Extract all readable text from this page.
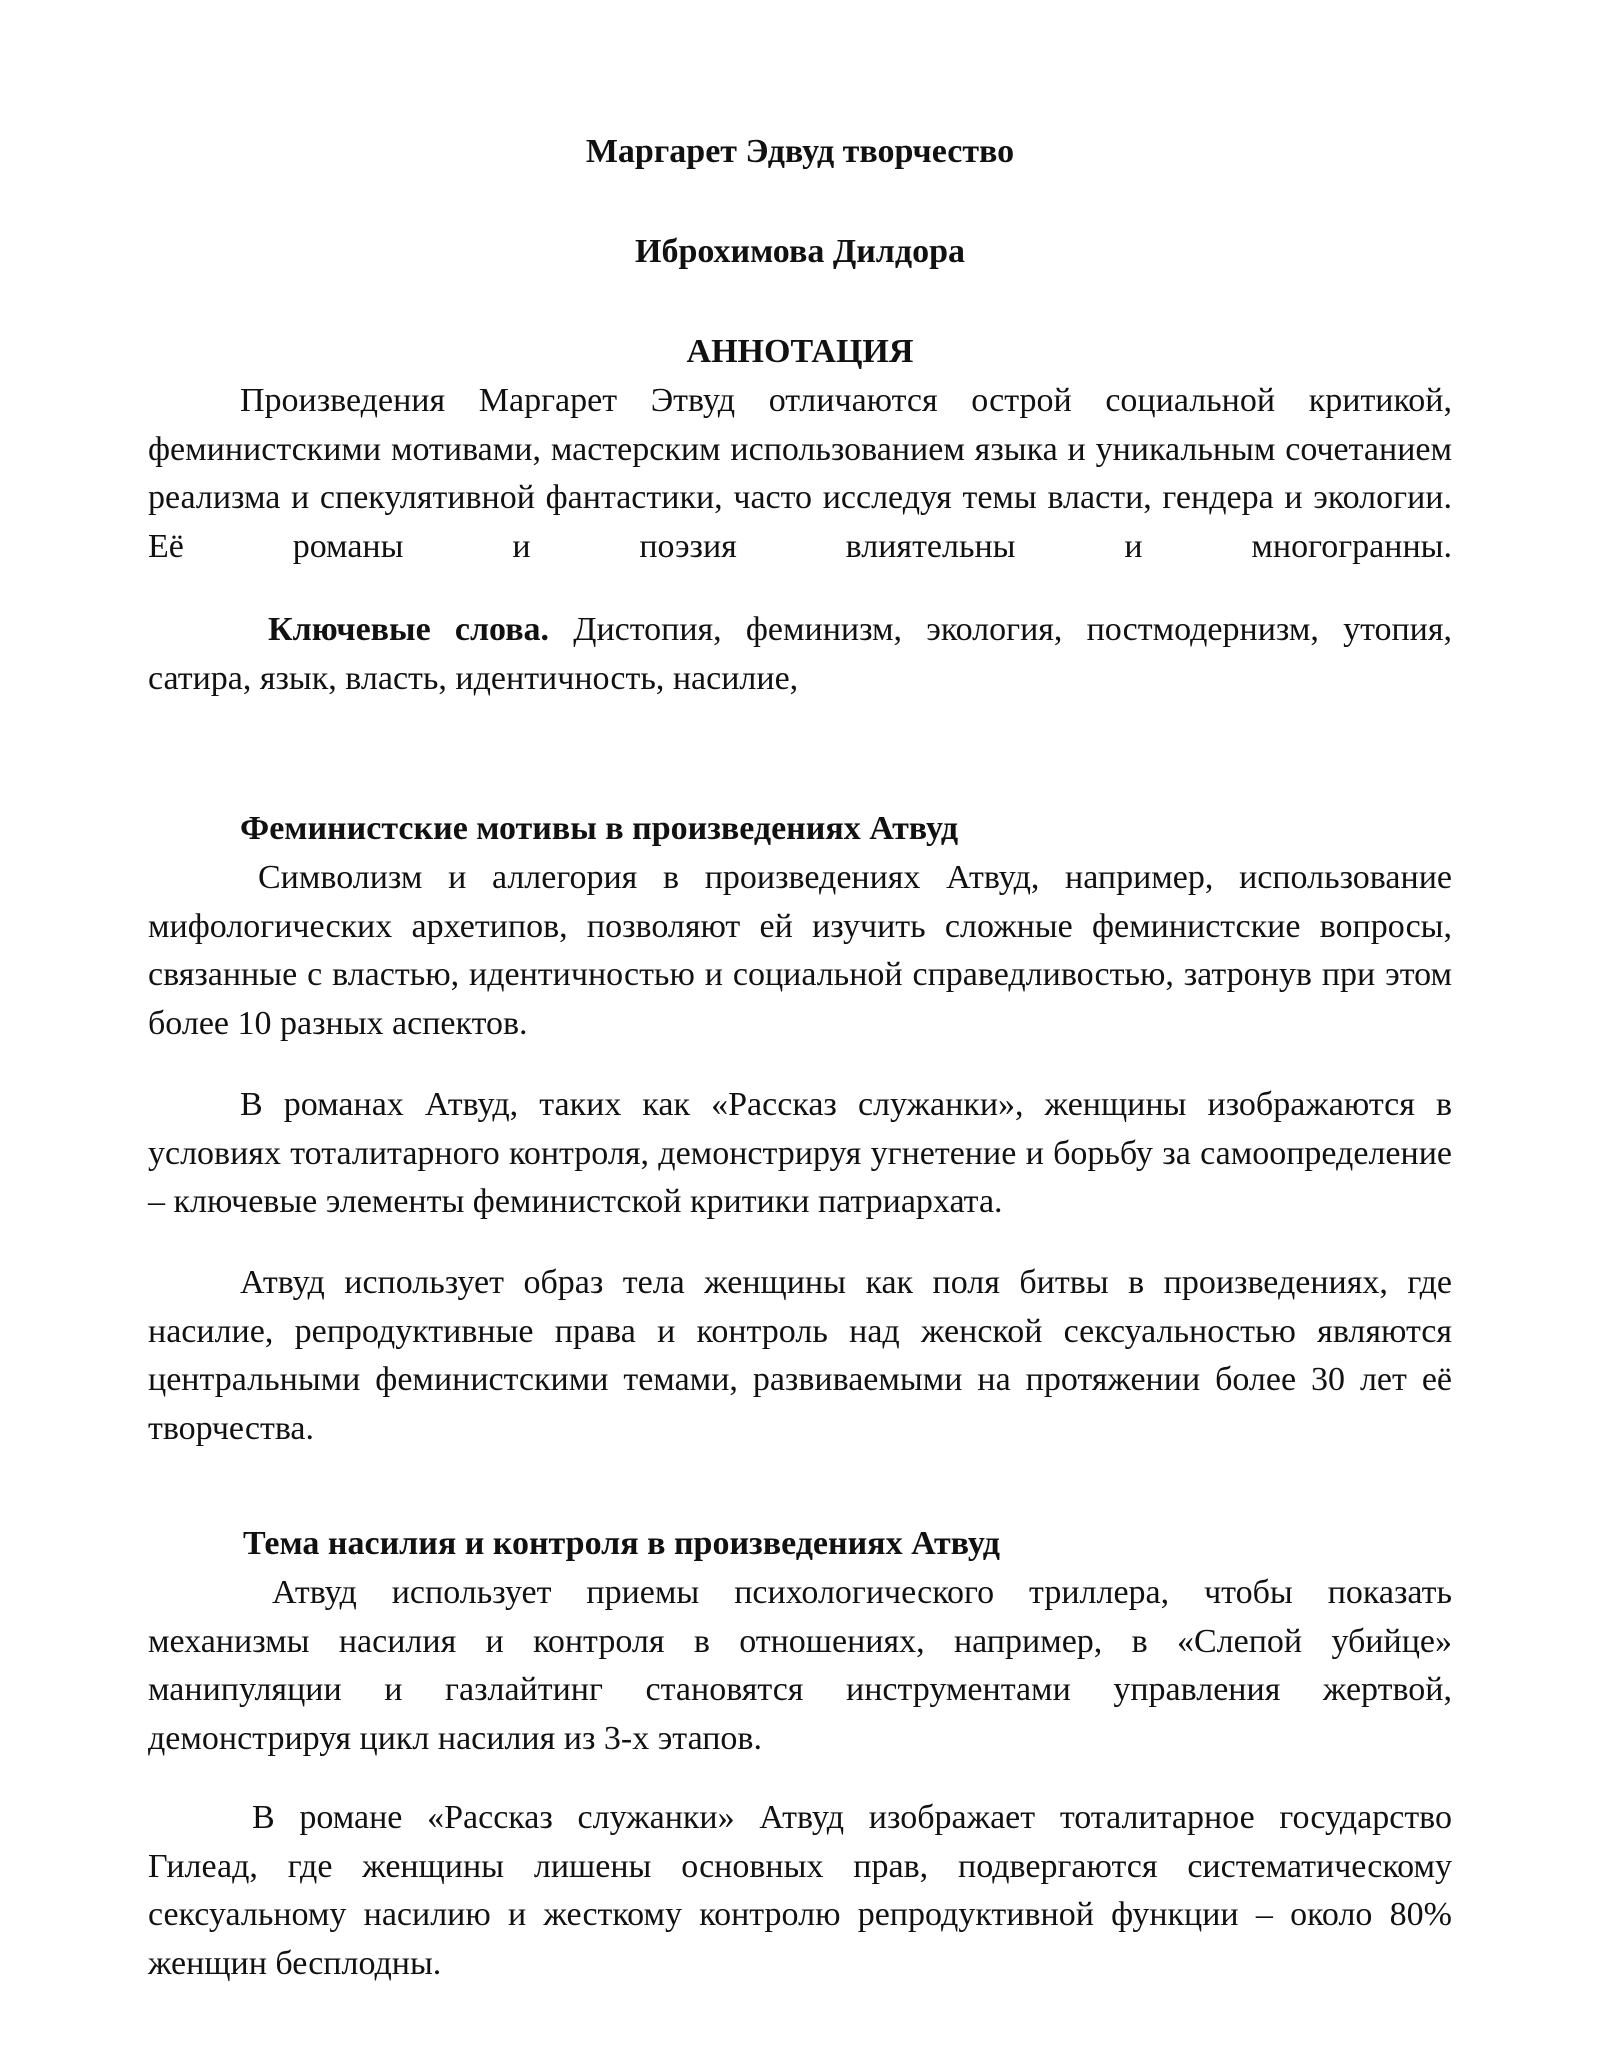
Маргарет Эдвуд творчество
Иброхимова Дилдора
АННОТАЦИЯ
Произведения Маргарет Этвуд отличаются острой социальной критикой, феминистскими мотивами, мастерским использованием языка и уникальным сочетанием реализма и спекулятивной фантастики, часто исследуя темы власти, гендера и экологии. Её романы и поэзия влиятельны и многогранны.
Ключевые слова. Дистопия, феминизм, экология, постмодернизм, утопия, сатира, язык, власть, идентичность, насилие,
Феминистские мотивы в произведениях Атвуд
Символизм и аллегория в произведениях Атвуд, например, использование мифологических архетипов, позволяют ей изучить сложные феминистские вопросы, связанные с властью, идентичностью и социальной справедливостью, затронув при этом более 10 разных аспектов.
В романах Атвуд, таких как «Рассказ служанки», женщины изображаются в условиях тоталитарного контроля, демонстрируя угнетение и борьбу за самоопределение – ключевые элементы феминистской критики патриархата.
Атвуд использует образ тела женщины как поля битвы в произведениях, где насилие, репродуктивные права и контроль над женской сексуальностью являются центральными феминистскими темами, развиваемыми на протяжении более 30 лет её творчества.
Тема насилия и контроля в произведениях Атвуд
Атвуд использует приемы психологического триллера, чтобы показать механизмы насилия и контроля в отношениях, например, в «Слепой убийце» манипуляции и газлайтинг становятся инструментами управления жертвой, демонстрируя цикл насилия из 3-х этапов.
В романе «Рассказ служанки» Атвуд изображает тоталитарное государство Гилеад, где женщины лишены основных прав, подвергаются систематическому сексуальному насилию и жесткому контролю репродуктивной функции – около 80% женщин бесплодны.
